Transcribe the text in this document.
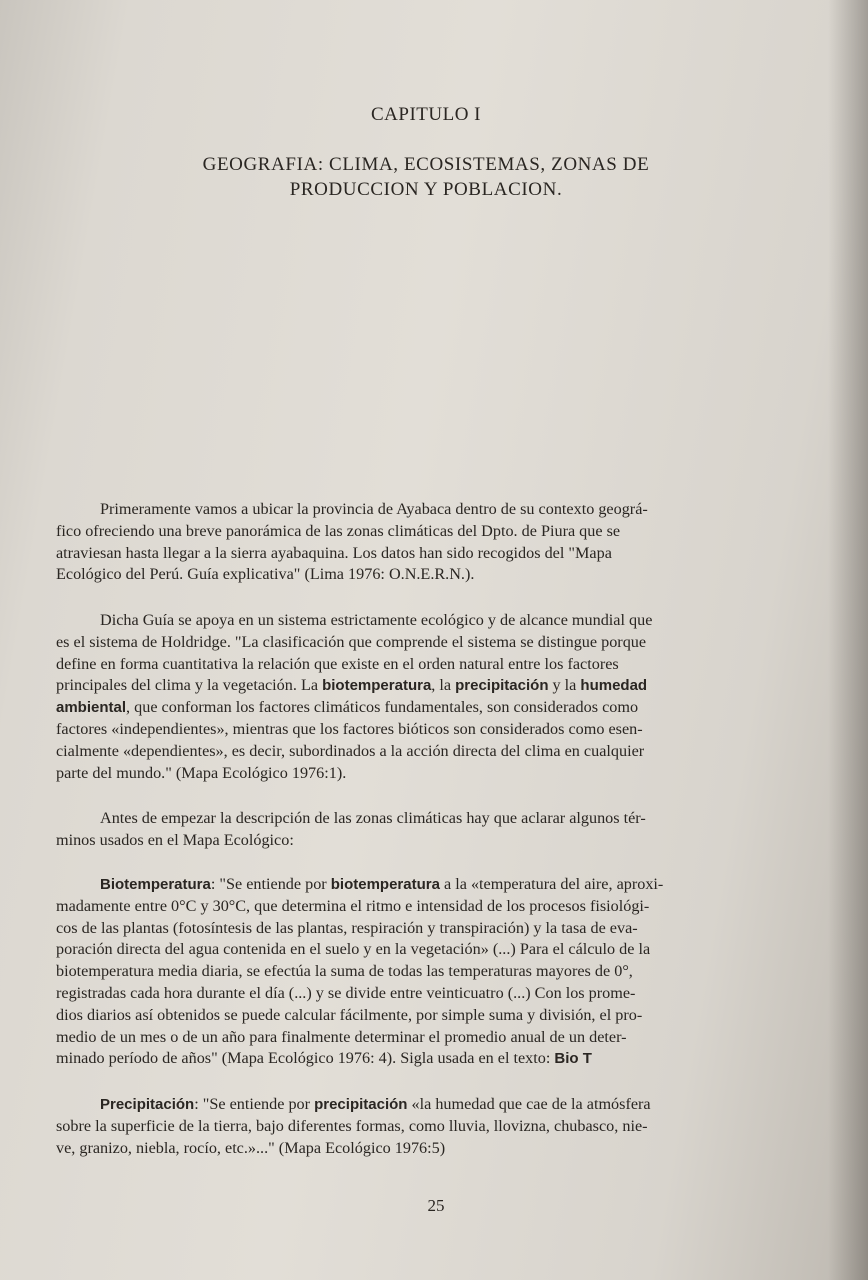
CAPITULO I
GEOGRAFIA: CLIMA, ECOSISTEMAS, ZONAS DE
PRODUCCION Y POBLACION.
Primeramente vamos a ubicar la provincia de Ayabaca dentro de su contexto geográ-
fico ofreciendo una breve panorámica de las zonas climáticas del Dpto. de Piura que se
atraviesan hasta llegar a la sierra ayabaquina. Los datos han sido recogidos del "Mapa
Ecológico del Perú. Guía explicativa" (Lima 1976: O.N.E.R.N.).
Dicha Guía se apoya en un sistema estrictamente ecológico y de alcance mundial que
es el sistema de Holdridge. "La clasificación que comprende el sistema se distingue porque
define en forma cuantitativa la relación que existe en el orden natural entre los factores
principales del clima y la vegetación. La biotemperatura, la precipitación y la humedad
ambiental, que conforman los factores climáticos fundamentales, son considerados como
factores «independientes», mientras que los factores bióticos son considerados como esen-
cialmente «dependientes», es decir, subordinados a la acción directa del clima en cualquier
parte del mundo." (Mapa Ecológico 1976:1).
Antes de empezar la descripción de las zonas climáticas hay que aclarar algunos tér-
minos usados en el Mapa Ecológico:
Biotemperatura: "Se entiende por biotemperatura a la «temperatura del aire, aproxi-
madamente entre 0°C y 30°C, que determina el ritmo e intensidad de los procesos fisiológi-
cos de las plantas (fotosíntesis de las plantas, respiración y transpiración) y la tasa de eva-
poración directa del agua contenida en el suelo y en la vegetación» (...) Para el cálculo de la
biotemperatura media diaria, se efectúa la suma de todas las temperaturas mayores de 0°,
registradas cada hora durante el día (...) y se divide entre veinticuatro (...) Con los prome-
dios diarios así obtenidos se puede calcular fácilmente, por simple suma y división, el pro-
medio de un mes o de un año para finalmente determinar el promedio anual de un deter-
minado período de años" (Mapa Ecológico 1976: 4). Sigla usada en el texto: Bio T
Precipitación: "Se entiende por precipitación «la humedad que cae de la atmósfera
sobre la superficie de la tierra, bajo diferentes formas, como lluvia, llovizna, chubasco, nie-
ve, granizo, niebla, rocío, etc.»..." (Mapa Ecológico 1976:5)
25
